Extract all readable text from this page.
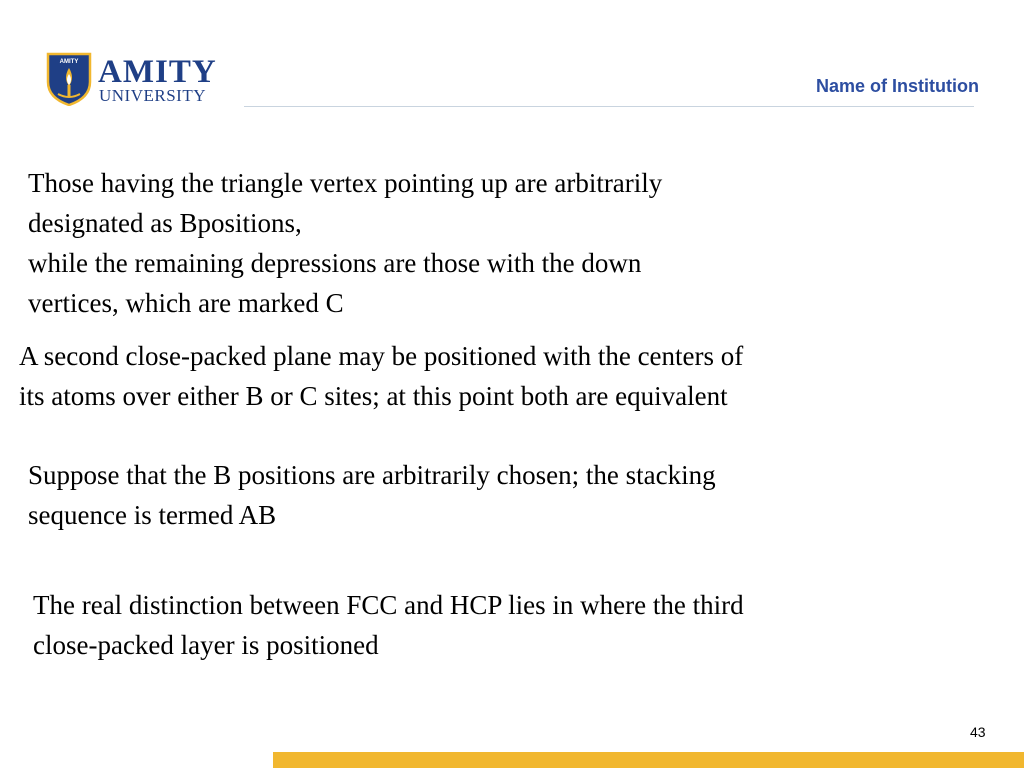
AMITY AMITY
UNIVERSITY	Name of Institution
Those having the triangle vertex pointing up are arbitrarily
designated as Bpositions,
while the remaining depressions are those with the down
vertices, which are marked C
A second close-packed plane may be positioned with the centers of
its atoms over either B or C sites; at this point both are equivalent
Suppose that the B positions are arbitrarily chosen; the stacking
sequence is termed AB
The real distinction between FCC and HCP lies in where the third
close-packed layer is positioned
43
